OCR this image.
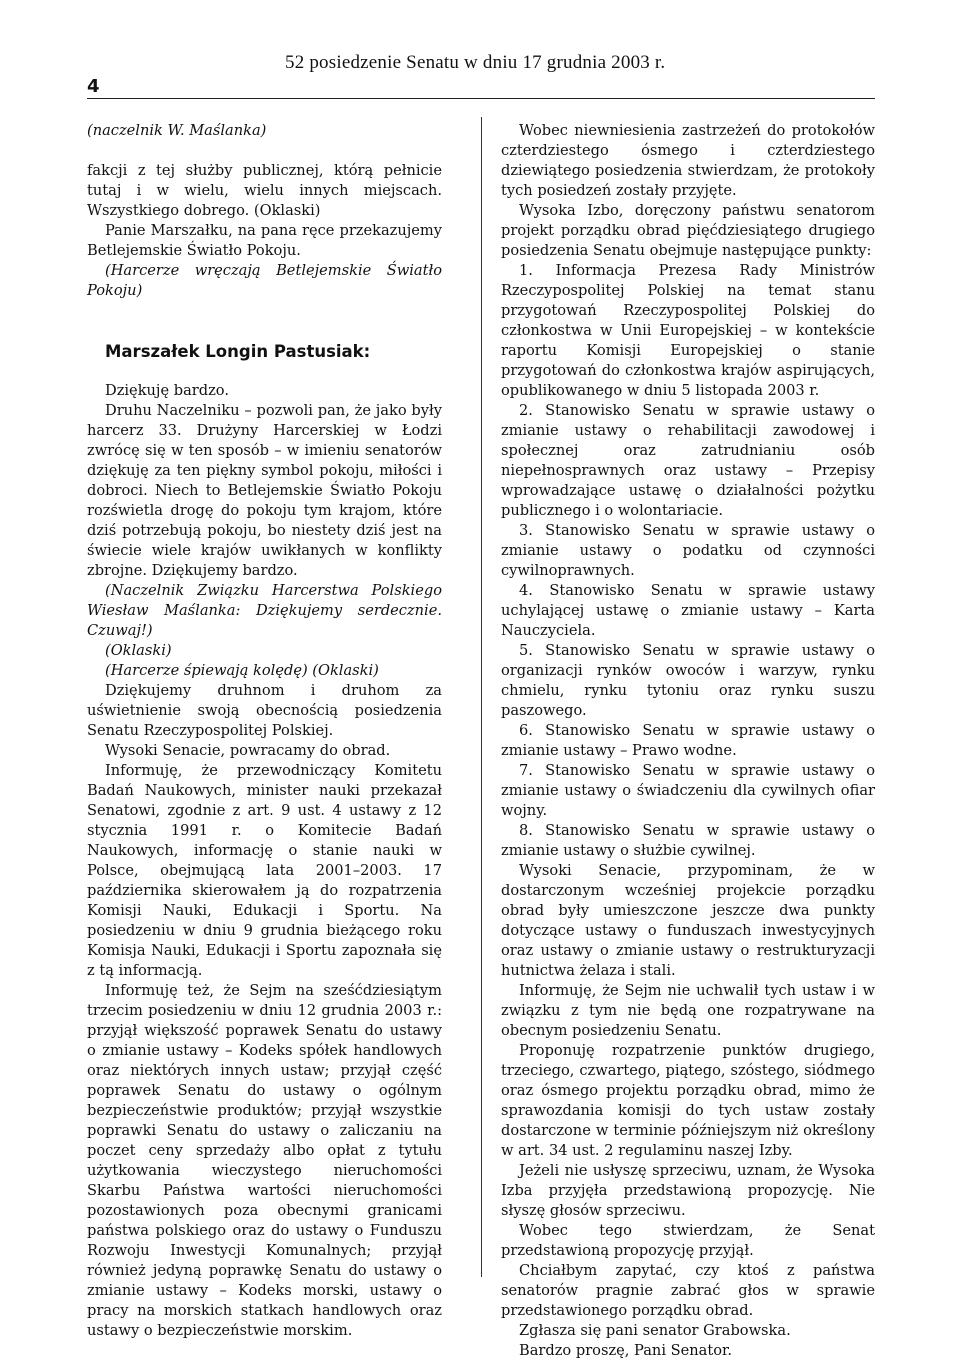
4
52 posiedzenie Senatu w dniu 17 grudnia 2003 r.

(naczelnik W. Maślanka)

fakcji z tej służby publicznej, którą pełnicie tutaj i w wielu, wielu innych miejscach. Wszystkiego dobrego. (Oklaski)

Panie Marszałku, na pana ręce przekazujemy Betlejemskie Światło Pokoju.

(Harcerze wręczają Betlejemskie Światło Pokoju)

Marszałek Longin Pastusiak:

Dziękuję bardzo.

Druhu Naczelniku – pozwoli pan, że jako były harcerz 33. Drużyny Harcerskiej w Łodzi zwrócę się w ten sposób – w imieniu senatorów dziękuję za ten piękny symbol pokoju, miłości i dobroci. Niech to Betlejemskie Światło Pokoju rozświetla drogę do pokoju tym krajom, które dziś potrzebują pokoju, bo niestety dziś jest na świecie wiele krajów uwikłanych w konflikty zbrojne. Dziękujemy bardzo.

(Naczelnik Związku Harcerstwa Polskiego Wiesław Maślanka: Dziękujemy serdecznie. Czuwaj!)

(Oklaski)

(Harcerze śpiewają kolędę) (Oklaski)

Dziękujemy druhnom i druhom za uświetnienie swoją obecnością posiedzenia Senatu Rzeczypospolitej Polskiej.

Wysoki Senacie, powracamy do obrad.

Informuję, że przewodniczący Komitetu Badań Naukowych, minister nauki przekazał Senatowi, zgodnie z art. 9 ust. 4 ustawy z 12 stycznia 1991 r. o Komitecie Badań Naukowych, informację o stanie nauki w Polsce, obejmującą lata 2001–2003. 17 października skierowałem ją do rozpatrzenia Komisji Nauki, Edukacji i Sportu. Na posiedzeniu w dniu 9 grudnia bieżącego roku Komisja Nauki, Edukacji i Sportu zapoznała się z tą informacją.

Informuję też, że Sejm na sześćdziesiątym trzecim posiedzeniu w dniu 12 grudnia 2003 r.: przyjął większość poprawek Senatu do ustawy o zmianie ustawy – Kodeks spółek handlowych oraz niektórych innych ustaw; przyjął część poprawek Senatu do ustawy o ogólnym bezpieczeństwie produktów; przyjął wszystkie poprawki Senatu do ustawy o zaliczaniu na poczet ceny sprzedaży albo opłat z tytułu użytkowania wieczystego nieruchomości Skarbu Państwa wartości nieruchomości pozostawionych poza obecnymi granicami państwa polskiego oraz do ustawy o Funduszu Rozwoju Inwestycji Komunalnych; przyjął również jedyną poprawkę Senatu do ustawy o zmianie ustawy – Kodeks morski, ustawy o pracy na morskich statkach handlowych oraz ustawy o bezpieczeństwie morskim.

Wobec niewniesienia zastrzeżeń do protokołów czterdziestego ósmego i czterdziestego dziewiątego posiedzenia stwierdzam, że protokoły tych posiedzeń zostały przyjęte.

Wysoka Izbo, doręczony państwu senatorom projekt porządku obrad pięćdziesiątego drugiego posiedzenia Senatu obejmuje następujące punkty:

1. Informacja Prezesa Rady Ministrów Rzeczypospolitej Polskiej na temat stanu przygotowań Rzeczypospolitej Polskiej do członkostwa w Unii Europejskiej – w kontekście raportu Komisji Europejskiej o stanie przygotowań do członkostwa krajów aspirujących, opublikowanego w dniu 5 listopada 2003 r.

2. Stanowisko Senatu w sprawie ustawy o zmianie ustawy o rehabilitacji zawodowej i społecznej oraz zatrudnianiu osób niepełnosprawnych oraz ustawy – Przepisy wprowadzające ustawę o działalności pożytku publicznego i o wolontariacie.

3. Stanowisko Senatu w sprawie ustawy o zmianie ustawy o podatku od czynności cywilnoprawnych.

4. Stanowisko Senatu w sprawie ustawy uchylającej ustawę o zmianie ustawy – Karta Nauczyciela.

5. Stanowisko Senatu w sprawie ustawy o organizacji rynków owoców i warzyw, rynku chmielu, rynku tytoniu oraz rynku suszu paszowego.

6. Stanowisko Senatu w sprawie ustawy o zmianie ustawy – Prawo wodne.

7. Stanowisko Senatu w sprawie ustawy o zmianie ustawy o świadczeniu dla cywilnych ofiar wojny.

8. Stanowisko Senatu w sprawie ustawy o zmianie ustawy o służbie cywilnej.

Wysoki Senacie, przypominam, że w dostarczonym wcześniej projekcie porządku obrad były umieszczone jeszcze dwa punkty dotyczące ustawy o funduszach inwestycyjnych oraz ustawy o zmianie ustawy o restrukturyzacji hutnictwa żelaza i stali.

Informuję, że Sejm nie uchwalił tych ustaw i w związku z tym nie będą one rozpatrywane na obecnym posiedzeniu Senatu.

Proponuję rozpatrzenie punktów drugiego, trzeciego, czwartego, piątego, szóstego, siódmego oraz ósmego projektu porządku obrad, mimo że sprawozdania komisji do tych ustaw zostały dostarczone w terminie późniejszym niż określony w art. 34 ust. 2 regulaminu naszej Izby.

Jeżeli nie usłyszę sprzeciwu, uznam, że Wysoka Izba przyjęła przedstawioną propozycję. Nie słyszę głosów sprzeciwu.

Wobec tego stwierdzam, że Senat przedstawioną propozycję przyjął.

Chciałbym zapytać, czy ktoś z państwa senatorów pragnie zabrać głos w sprawie przedstawionego porządku obrad.

Zgłasza się pani senator Grabowska.

Bardzo proszę, Pani Senator.
